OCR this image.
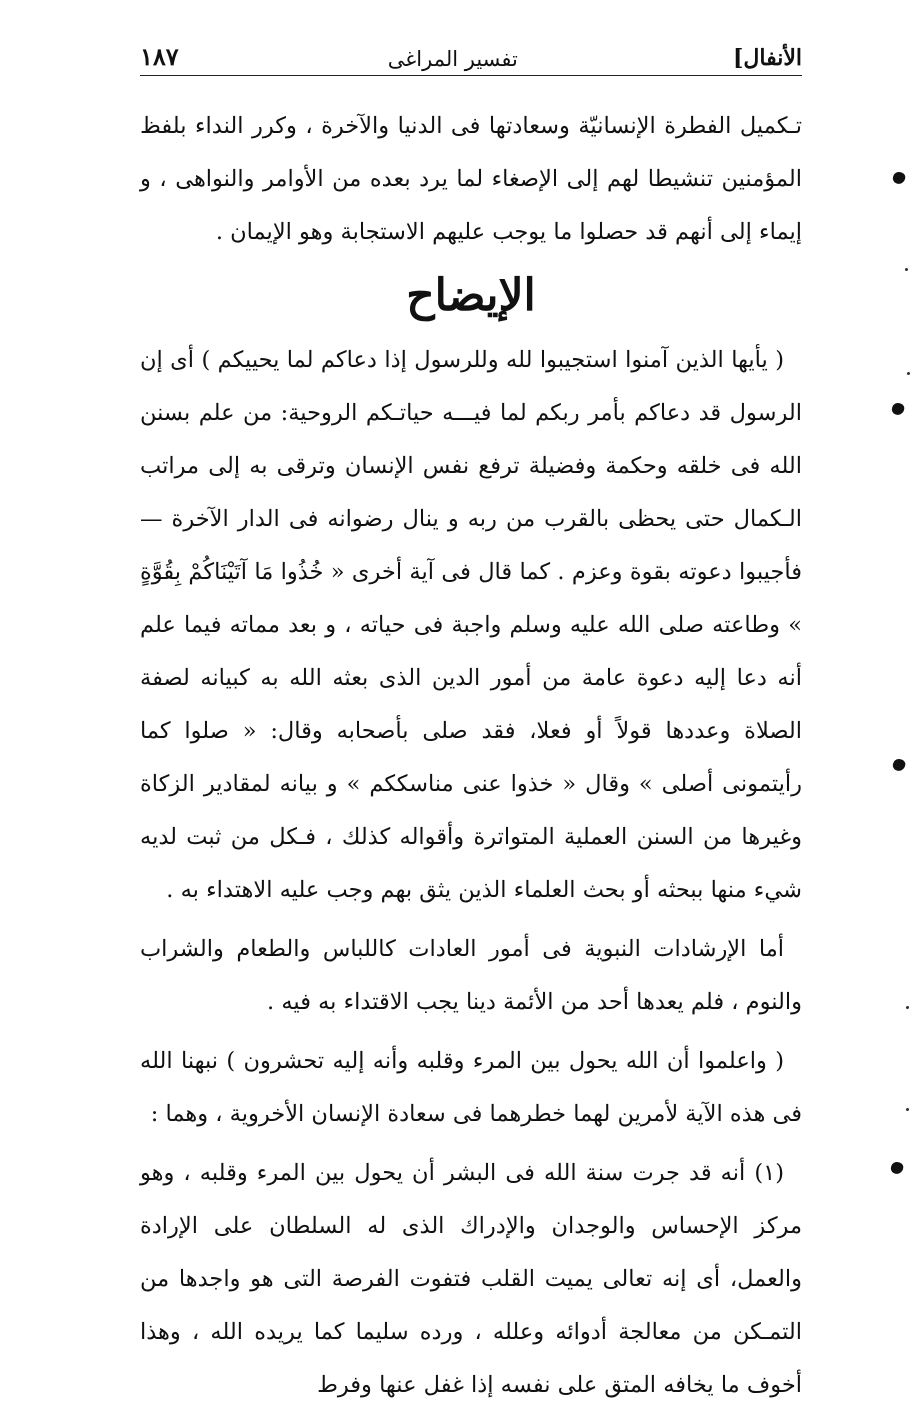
الأنفال]
تفسير المراغى
١٨٧

تـكميل الفطرة الإنسانيّة وسعادتها فى الدنيا والآخرة ، وكرر النداء بلفظ المؤمنين تنشيطا لهم إلى الإصغاء لما يرد بعده من الأوامر والنواهى ، و إيماء إلى أنهم قد حصلوا ما يوجب عليهم الاستجابة وهو الإيمان .

الإيضاح

( يأيها الذين آمنوا استجيبوا لله وللرسول إذا دعاكم لما يحييكم ) أى إن الرسول قد دعاكم بأمر ربكم لما فيـــه حياتـكم الروحية: من علم بسنن الله فى خلقه وحكمة وفضيلة ترفع نفس الإنسان وترقى به إلى مراتب الـكمال حتى يحظى بالقرب من ربه و ينال رضوانه فى الدار الآخرة — فأجيبوا دعوته بقوة وعزم . كما قال فى آية أخرى « خُذُوا مَا آتَيْنَاكُمْ بِقُوَّةٍ » وطاعته صلى الله عليه وسلم واجبة فى حياته ، و بعد مماته فيما علم أنه دعا إليه دعوة عامة من أمور الدين الذى بعثه الله به كبيانه لصفة الصلاة وعددها قولاً أو فعلا، فقد صلى بأصحابه وقال: « صلوا كما رأيتمونى أصلى » وقال « خذوا عنى مناسككم » و بيانه لمقادير الزكاة وغيرها من السنن العملية المتواترة وأقواله كذلك ، فـكل من ثبت لديه شيء منها ببحثه أو بحث العلماء الذين يثق بهم وجب عليه الاهتداء به .

أما الإرشادات النبوية فى أمور العادات كاللباس والطعام والشراب والنوم ، فلم يعدها أحد من الأئمة دينا يجب الاقتداء به فيه .

( واعلموا أن الله يحول بين المرء وقلبه وأنه إليه تحشرون ) نبهنا الله فى هذه الآية لأمرين لهما خطرهما فى سعادة الإنسان الأخروية ، وهما :

(١) أنه قد جرت سنة الله فى البشر أن يحول بين المرء وقلبه ، وهو مركز الإحساس والوجدان والإدراك الذى له السلطان على الإرادة والعمل، أى إنه تعالى يميت القلب فتفوت الفرصة التى هو واجدها من التمـكن من معالجة أدوائه وعلله ، ورده سليما كما يريده الله ، وهذا أخوف ما يخافه المتق على نفسه إذا غفل عنها وفرط
